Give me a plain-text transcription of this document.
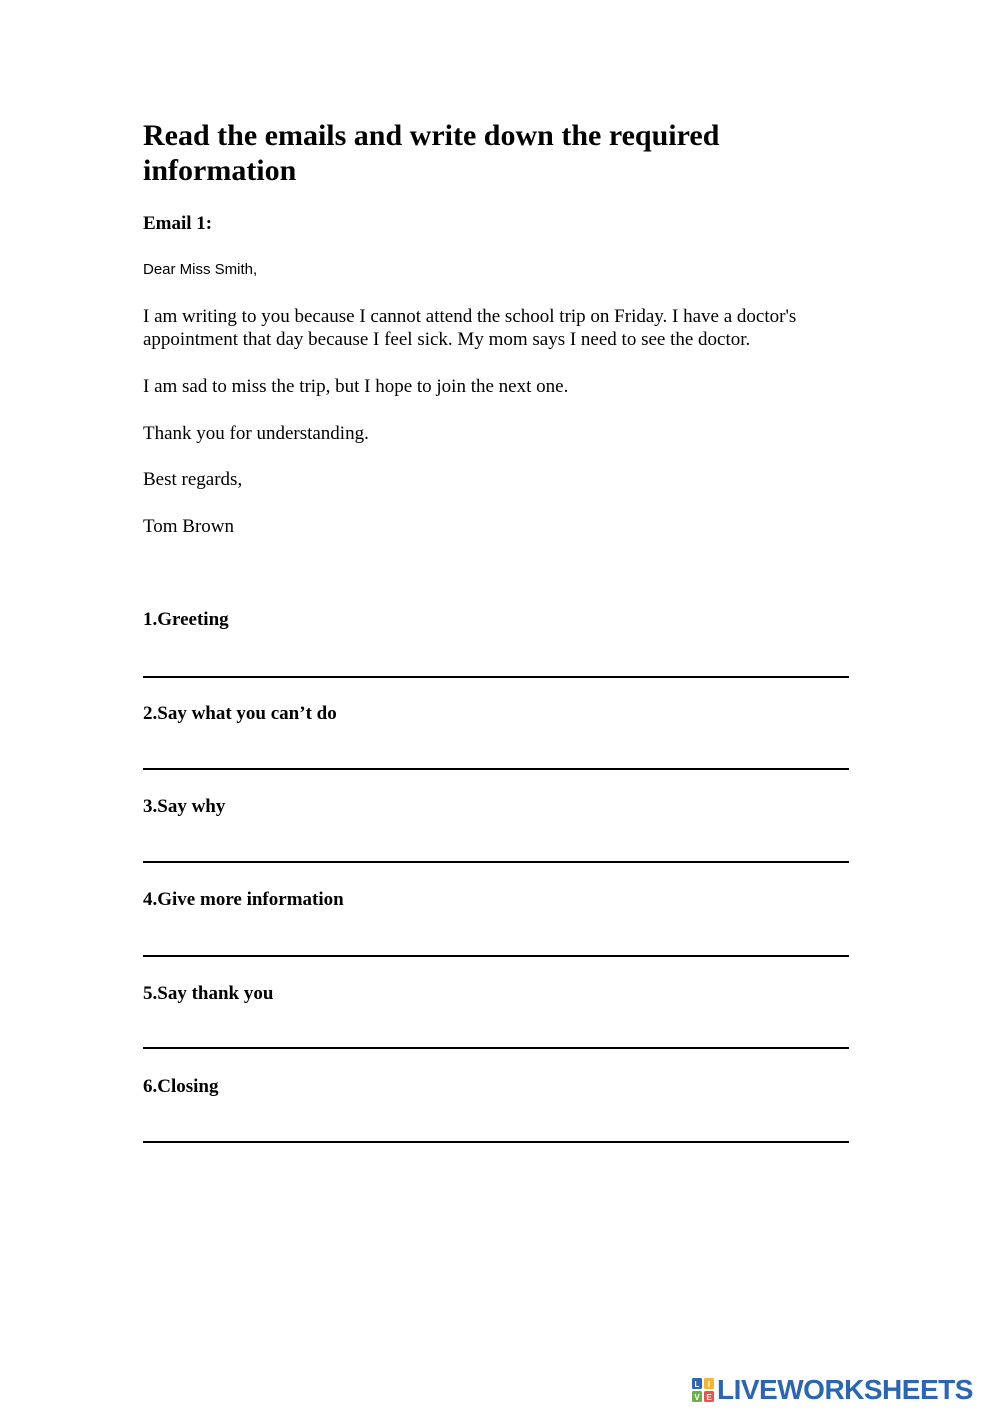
Read the emails and write down the required information

Email 1:

Dear Miss Smith,

I am writing to you because I cannot attend the school trip on Friday. I have a doctor's appointment that day because I feel sick. My mom says I need to see the doctor.

I am sad to miss the trip, but I hope to join the next one.

Thank you for understanding.

Best regards,

Tom Brown

1.Greeting

2.Say what you can’t do

3.Say why

4.Give more information

5.Say thank you

6.Closing

L I
V E LIVEWORKSHEETS
